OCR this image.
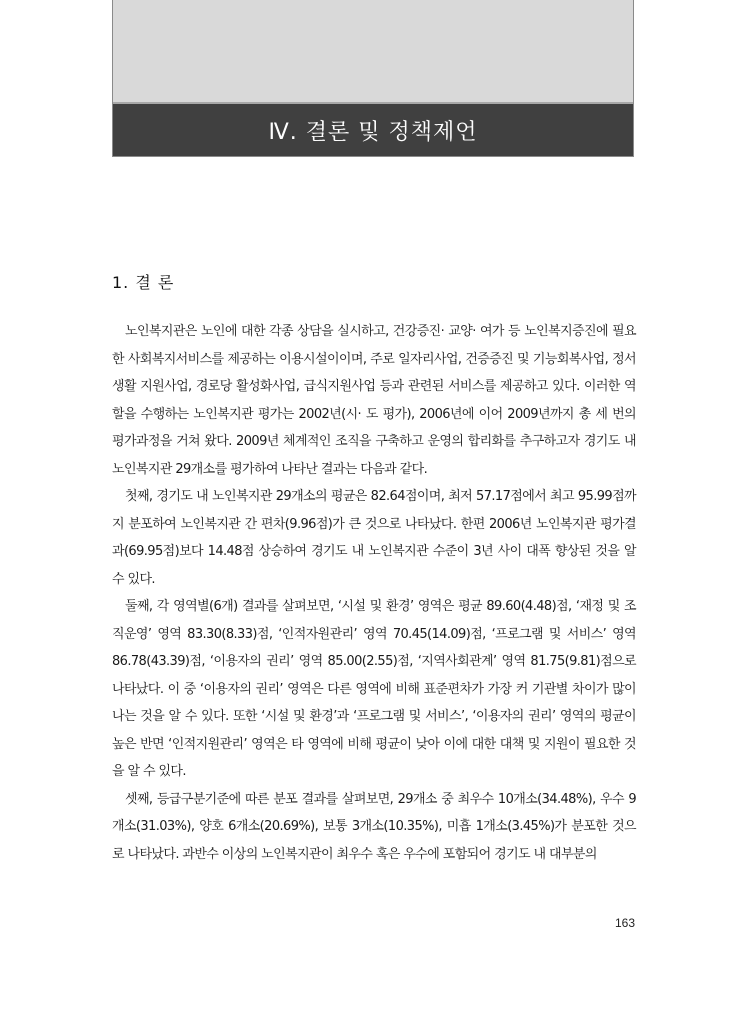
Ⅳ. 결론 및 정책제언
1. 결 론

노인복지관은 노인에 대한 각종 상담을 실시하고, 건강증진· 교양· 여가 등 노인복지증진에 필요한 사회복지서비스를 제공하는 이용시설이이며, 주로 일자리사업, 건증증진 및 기능회복사업, 정서생활 지원사업, 경로당 활성화사업, 급식지원사업 등과 관련된 서비스를 제공하고 있다. 이러한 역할을 수행하는 노인복지관 평가는 2002년(시· 도 평가), 2006년에 이어 2009년까지 총 세 번의 평가과정을 거쳐 왔다. 2009년 체계적인 조직을 구축하고 운영의 합리화를 추구하고자 경기도 내 노인복지관 29개소를 평가하여 나타난 결과는 다음과 같다.

첫째, 경기도 내 노인복지관 29개소의 평균은 82.64점이며, 최저 57.17점에서 최고 95.99점까지 분포하여 노인복지관 간 편차(9.96점)가 큰 것으로 나타났다. 한편 2006년 노인복지관 평가결과(69.95점)보다 14.48점 상승하여 경기도 내 노인복지관 수준이 3년 사이 대폭 향상된 것을 알 수 있다.

둘째, 각 영역별(6개) 결과를 살펴보면, ‘시설 및 환경’ 영역은 평균 89.60(4.48)점, ‘재정 및 조직운영’ 영역 83.30(8.33)점, ‘인적자원관리’ 영역 70.45(14.09)점, ‘프로그램 및 서비스’ 영역 86.78(43.39)점, ‘이용자의 권리’ 영역 85.00(2.55)점, ‘지역사회관계’ 영역 81.75(9.81)점으로 나타났다. 이 중 ‘이용자의 권리’ 영역은 다른 영역에 비해 표준편차가 가장 커 기관별 차이가 많이 나는 것을 알 수 있다. 또한 ‘시설 및 환경’과 ‘프로그램 및 서비스’, ‘이용자의 권리’ 영역의 평균이 높은 반면 ‘인적지원관리’ 영역은 타 영역에 비해 평균이 낮아 이에 대한 대책 및 지원이 필요한 것을 알 수 있다.

셋째, 등급구분기준에 따른 분포 결과를 살펴보면, 29개소 중 최우수 10개소(34.48%), 우수 9개소(31.03%), 양호 6개소(20.69%), 보통 3개소(10.35%), 미흡 1개소(3.45%)가 분포한 것으로 나타났다. 과반수 이상의 노인복지관이 최우수 혹은 우수에 포함되어 경기도 내 대부분의

163
